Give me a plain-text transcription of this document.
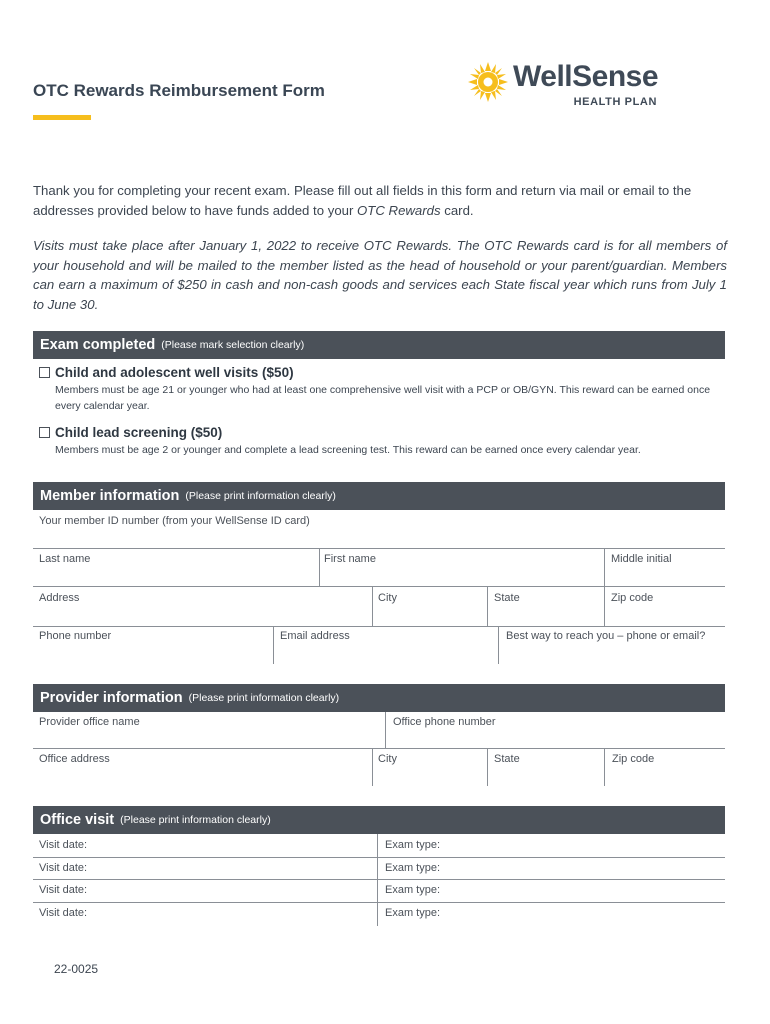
OTC Rewards Reimbursement Form	WellSense
HEALTH PLAN
Thank you for completing your recent exam. Please fill out all fields in this form and return via mail or email to the addresses provided below to have funds added to your OTC Rewards card.
Visits must take place after January 1, 2022 to receive OTC Rewards. The OTC Rewards card is for all members of your household and will be mailed to the member listed as the head of household or your parent/guardian. Members can earn a maximum of $250 in cash and non-cash goods and services each State fiscal year which runs from July 1 to June 30.
Exam completed (Please mark selection clearly)
Child and adolescent well visits ($50)
Members must be age 21 or younger who had at least one comprehensive well visit with a PCP or OB/GYN. This reward can be earned once every calendar year.
Child lead screening ($50)
Members must be age 2 or younger and complete a lead screening test. This reward can be earned once every calendar year.
Member information (Please print information clearly)
Your member ID number (from your WellSense ID card)
Last name	First name	Middle initial
Address	City	State	Zip code
Phone number	Email address	Best way to reach you – phone or email?
Provider information (Please print information clearly)
Provider office name	Office phone number
Office address	City	State	Zip code
Office visit (Please print information clearly)
Visit date:	Exam type:
Visit date:	Exam type:
Visit date:	Exam type:
Visit date:	Exam type:
22-0025
